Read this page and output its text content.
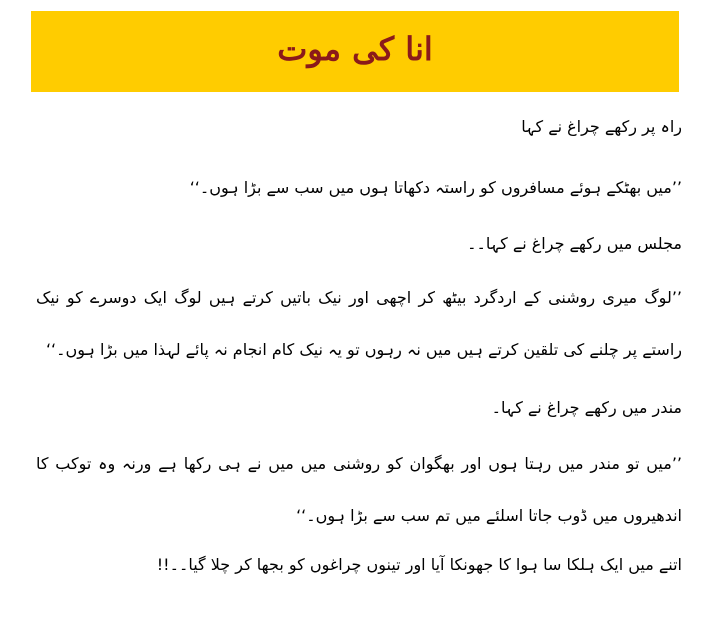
انا کی موت

راہ پر رکھے چراغ نے کہا

’’میں بھٹکے ہوئے مسافروں کو راستہ دکھاتا ہوں میں سب سے بڑا ہوں۔‘‘

مجلس میں رکھے چراغ نے کہا۔۔

’’لوگ میری روشنی کے اردگرد بیٹھ کر اچھی اور نیک باتیں کرتے ہیں لوگ ایک دوسرے کو نیک راستے پر چلنے کی تلقین کرتے ہیں میں نہ رہوں تو یہ نیک کام انجام نہ پائے لہذا میں بڑا ہوں۔‘‘

مندر میں رکھے چراغ نے کہا۔

’’میں تو مندر میں رہتا ہوں اور بھگوان کو روشنی میں میں نے ہی رکھا ہے ورنہ وہ توکب کا اندھیروں میں ڈوب جاتا اسلئے میں تم سب سے بڑا ہوں۔‘‘

اتنے میں ایک ہلکا سا ہوا کا جھونکا آیا اور تینوں چراغوں کو بجھا کر چلا گیا۔۔!!
